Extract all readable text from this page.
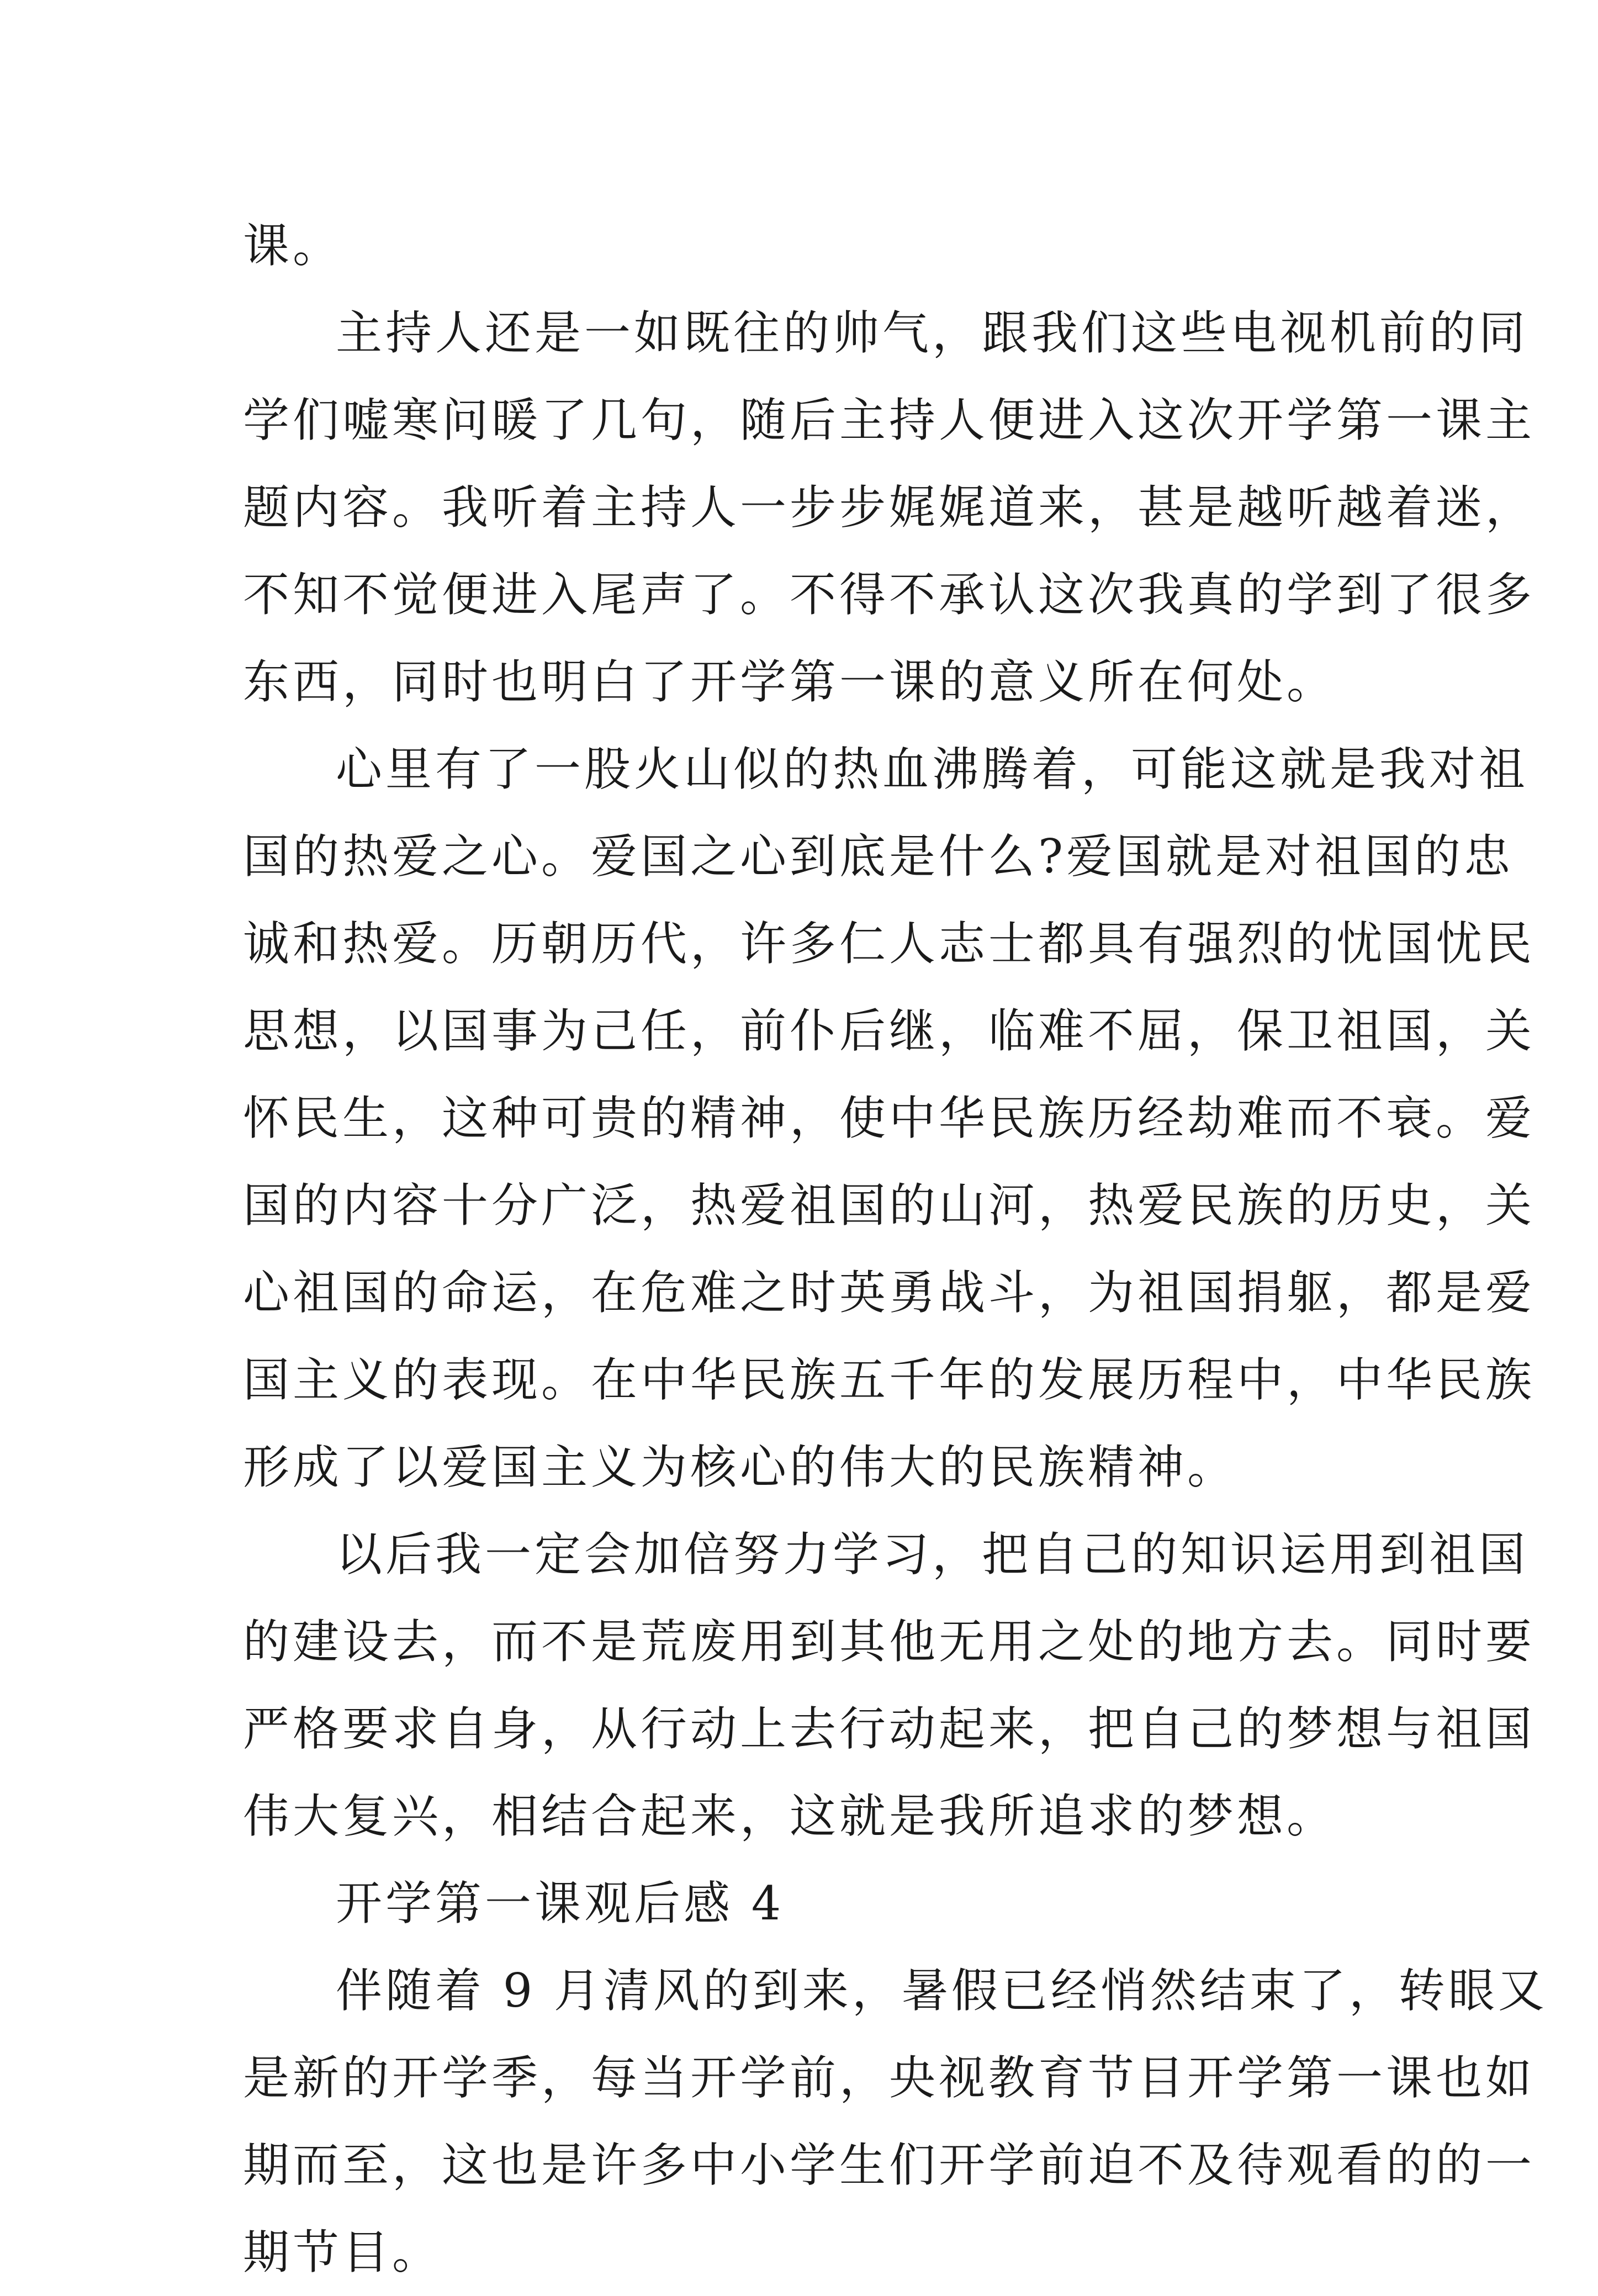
课。
主持人还是一如既往的帅气，跟我们这些电视机前的同
学们嘘寒问暖了几句，随后主持人便进入这次开学第一课主
题内容。我听着主持人一步步娓娓道来，甚是越听越着迷，
不知不觉便进入尾声了。不得不承认这次我真的学到了很多
东西，同时也明白了开学第一课的意义所在何处。
心里有了一股火山似的热血沸腾着，可能这就是我对祖
国的热爱之心。爱国之心到底是什么?爱国就是对祖国的忠
诚和热爱。历朝历代，许多仁人志士都具有强烈的忧国忧民
思想，以国事为己任，前仆后继，临难不屈，保卫祖国，关
怀民生，这种可贵的精神，使中华民族历经劫难而不衰。爱
国的内容十分广泛，热爱祖国的山河，热爱民族的历史，关
心祖国的命运，在危难之时英勇战斗，为祖国捐躯，都是爱
国主义的表现。在中华民族五千年的发展历程中，中华民族
形成了以爱国主义为核心的伟大的民族精神。
以后我一定会加倍努力学习，把自己的知识运用到祖国
的建设去，而不是荒废用到其他无用之处的地方去。同时要
严格要求自身，从行动上去行动起来，把自己的梦想与祖国
伟大复兴，相结合起来，这就是我所追求的梦想。
开学第一课观后感 4
伴随着 9 月清风的到来，暑假已经悄然结束了，转眼又
是新的开学季，每当开学前，央视教育节目开学第一课也如
期而至，这也是许多中小学生们开学前迫不及待观看的的一
期节目。
